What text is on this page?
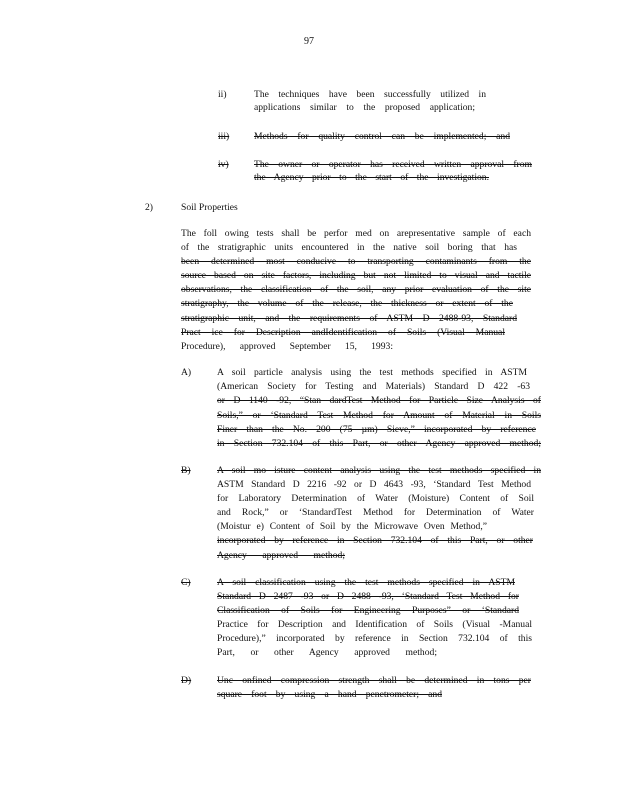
97
ii)	The techniques have been successfully utilized in
applications similar to the proposed application;
iii)	Methods for quality control can be implemented; and
iv)	The owner or operator has received written approval from
the Agency prior to the start of the investigation.
2)	Soil Properties
The foll owing tests shall be perfor med on arepresentative sample of each
of the stratigraphic units encountered in the native soil boring that has
been determined most conducive to transporting contaminants from the
source based on site factors, including but not limited to visual and tactile
observations, the classification of the soil, any prior evaluation of the site
stratigraphy, the volume of the release, the thickness or extent of the
stratigraphic unit, and the requirements of ASTM D 2488-93, Standard
Pract ice for Description andIdentification of Soils (Visual Manual
Procedure), approved September 15, 1993:
A)	A soil particle analysis using the test methods specified in ASTM
(American Society for Testing and Materials) Standard D 422 -63
or D 1140 -92, “Stan dardTest Method for Particle Size Analysis of
Soils,” or ‘Standard Test Method for Amount of Material in Soils
Finer than the No. 200 (75 µm) Sieve,” incorporated by reference
in Section 732.104 of this Part, or other Agency approved method;
B)	A soil mo isture content analysis using the test methods specified in
ASTM Standard D 2216 -92 or D 4643 -93, ‘Standard Test Method
for Laboratory Determination of Water (Moisture) Content of Soil
and Rock,” or ‘StandardTest Method for Determination of Water
(Moistur e) Content of Soil by the Microwave Oven Method,”
incorporated by reference in Section 732.104 of this Part, or other
Agency approved method;
C)	A soil classification using the test methods specified in ASTM
Standard D 2487 -93 or D 2488 -93, ‘Standard Test Method for
Classification of Soils for Engineering Purposes” or ‘Standard
Practice for Description and Identification of Soils (Visual -Manual
Procedure),” incorporated by reference in Section 732.104 of this
Part, or other Agency approved method;
D)	Unc onfined compression strength shall be determined in tons per
square foot by using a hand penetrometer; and
